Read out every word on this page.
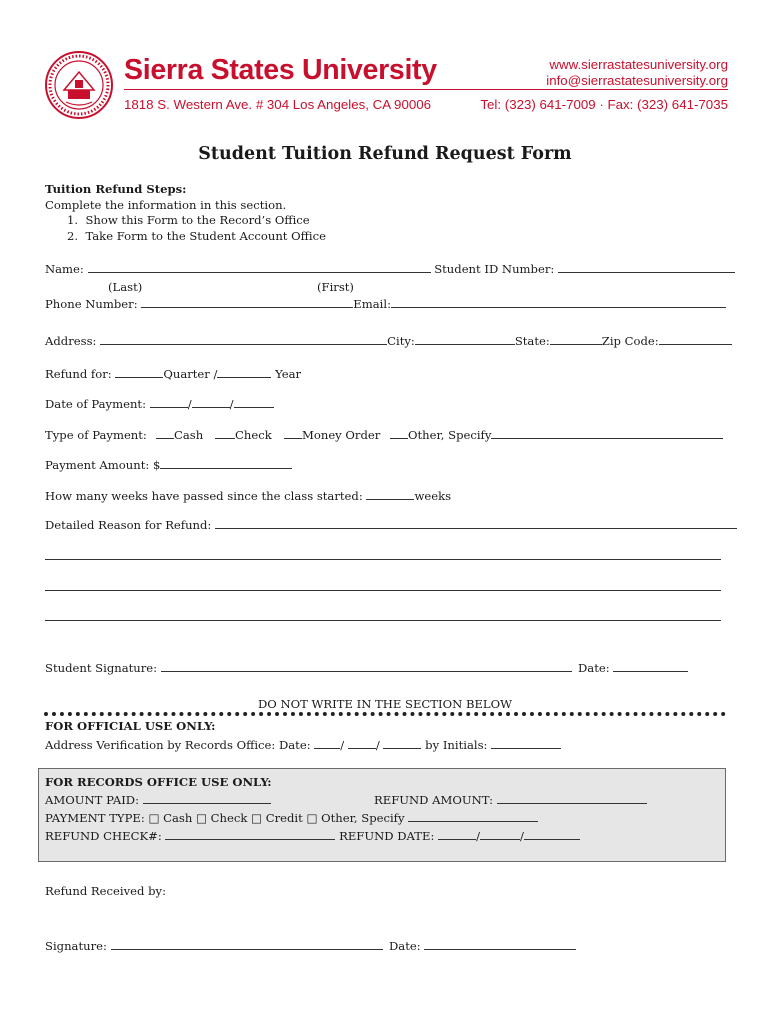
Sierra States University
1818 S. Western Ave. # 304 Los Angeles, CA 90006
www.sierrastatesuniversity.org
info@sierrastatesuniversity.org
Tel: (323) 641-7009 · Fax: (323) 641-7035
Student Tuition Refund Request Form
Tuition Refund Steps:
Complete the information in this section.
1. Show this Form to the Record’s Office
2. Take Form to the Student Account Office
Name:	Student ID Number:
(Last)	(First)
Phone Number:	Email:
Address:	City:	State:	Zip Code:
Refund for:	Quarter /	Year
Date of Payment:	/	/
Type of Payment:	Cash	Check	Money Order	Other, Specify
Payment Amount: $
How many weeks have passed since the class started:	weeks
Detailed Reason for Refund:
Student Signature:	Date:
DO NOT WRITE IN THE SECTION BELOW
FOR OFFICIAL USE ONLY:
Address Verification by Records Office: Date:	/	/	by Initials:
FOR RECORDS OFFICE USE ONLY:
AMOUNT PAID:	REFUND AMOUNT:
PAYMENT TYPE: □ Cash □ Check □ Credit □ Other, Specify
REFUND CHECK#:	REFUND DATE:	/	/
Refund Received by:
Signature:	Date:
